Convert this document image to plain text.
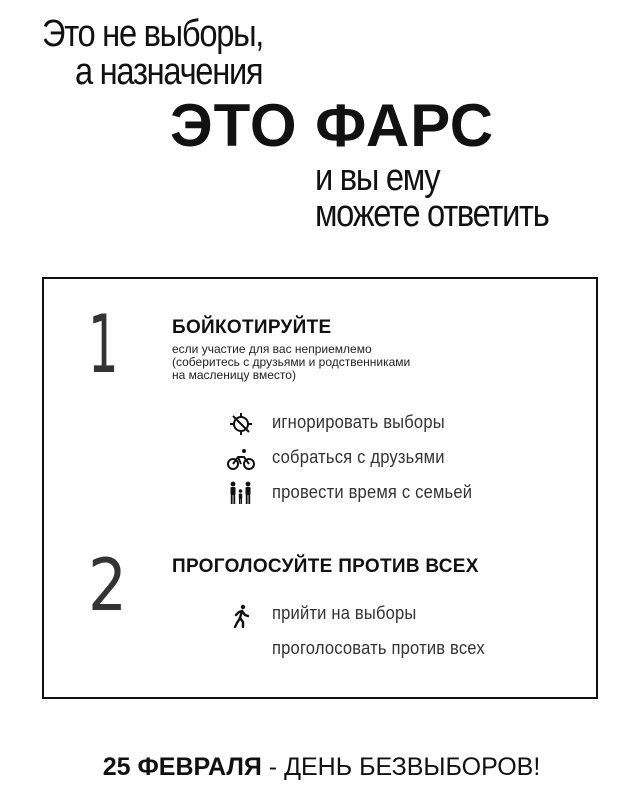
Это не выборы,
а назначения
ЭТО ФАРС
и вы ему
можете ответить
1	БОЙКОТИРУЙТЕ
если участие для вас неприемлемо
(соберитесь с друзьями и родственниками
на масленицу вместо)
игнорировать выборы
собраться с друзьями
провести время с семьей
2 ПРОГОЛОСУЙТЕ ПРОТИВ ВСЕХ
прийти на выборы
проголосовать против всех
25 ФЕВРАЛЯ - ДЕНЬ БЕЗВЫБОРОВ!
